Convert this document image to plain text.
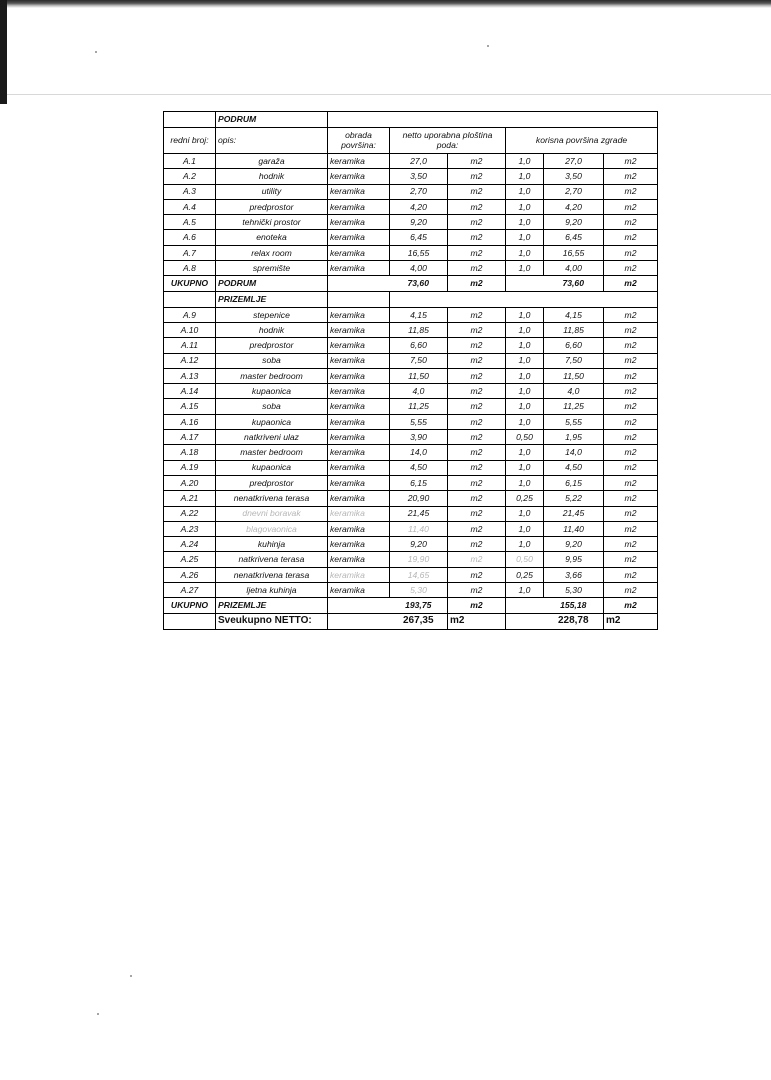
	PODRUM						
redni broj:	opis:	obrada površina:	netto uporabna ploština poda:		korisna površina zgrade		
A.1	garaža	keramika	27,0	m2	1,0	27,0	m2
A.2	hodnik	keramika	3,50	m2	1,0	3,50	m2
A.3	utility	keramika	2,70	m2	1,0	2,70	m2
A.4	predprostor	keramika	4,20	m2	1,0	4,20	m2
A.5	tehnički prostor	keramika	9,20	m2	1,0	9,20	m2
A.6	enoteka	keramika	6,45	m2	1,0	6,45	m2
A.7	relax room	keramika	16,55	m2	1,0	16,55	m2
A.8	spremište	keramika	4,00	m2	1,0	4,00	m2
UKUPNO	PODRUM		73,60	m2		73,60	m2
	PRIZEMLJE						
A.9	stepenice	keramika	4,15	m2	1,0	4,15	m2
A.10	hodnik	keramika	11,85	m2	1,0	11,85	m2
A.11	predprostor	keramika	6,60	m2	1,0	6,60	m2
A.12	soba	keramika	7,50	m2	1,0	7,50	m2
A.13	master bedroom	keramika	11,50	m2	1,0	11,50	m2
A.14	kupaonica	keramika	4,0	m2	1,0	4,0	m2
A.15	soba	keramika	11,25	m2	1,0	11,25	m2
A.16	kupaonica	keramika	5,55	m2	1,0	5,55	m2
A.17	natkriveni ulaz	keramika	3,90	m2	0,50	1,95	m2
A.18	master bedroom	keramika	14,0	m2	1,0	14,0	m2
A.19	kupaonica	keramika	4,50	m2	1,0	4,50	m2
A.20	predprostor	keramika	6,15	m2	1,0	6,15	m2
A.21	nenatkrivena terasa	keramika	20,90	m2	0,25	5,22	m2
A.22	dnevni boravak	keramika	21,45	m2	1,0	21,45	m2
A.23	blagovaonica	keramika	11,40	m2	1,0	11,40	m2
A.24	kuhinja	keramika	9,20	m2	1,0	9,20	m2
A.25	natkrivena terasa	keramika	19,90	m2	0,50	9,95	m2
A.26	nenatkrivena terasa	keramika	14,65	m2	0,25	3,66	m2
A.27	ljetna kuhinja	keramika	5,30	m2	1,0	5,30	m2
UKUPNO	PRIZEMLJE		193,75	m2		155,18	m2
	Sveukupno NETTO:		267,35	m2		228,78	m2
